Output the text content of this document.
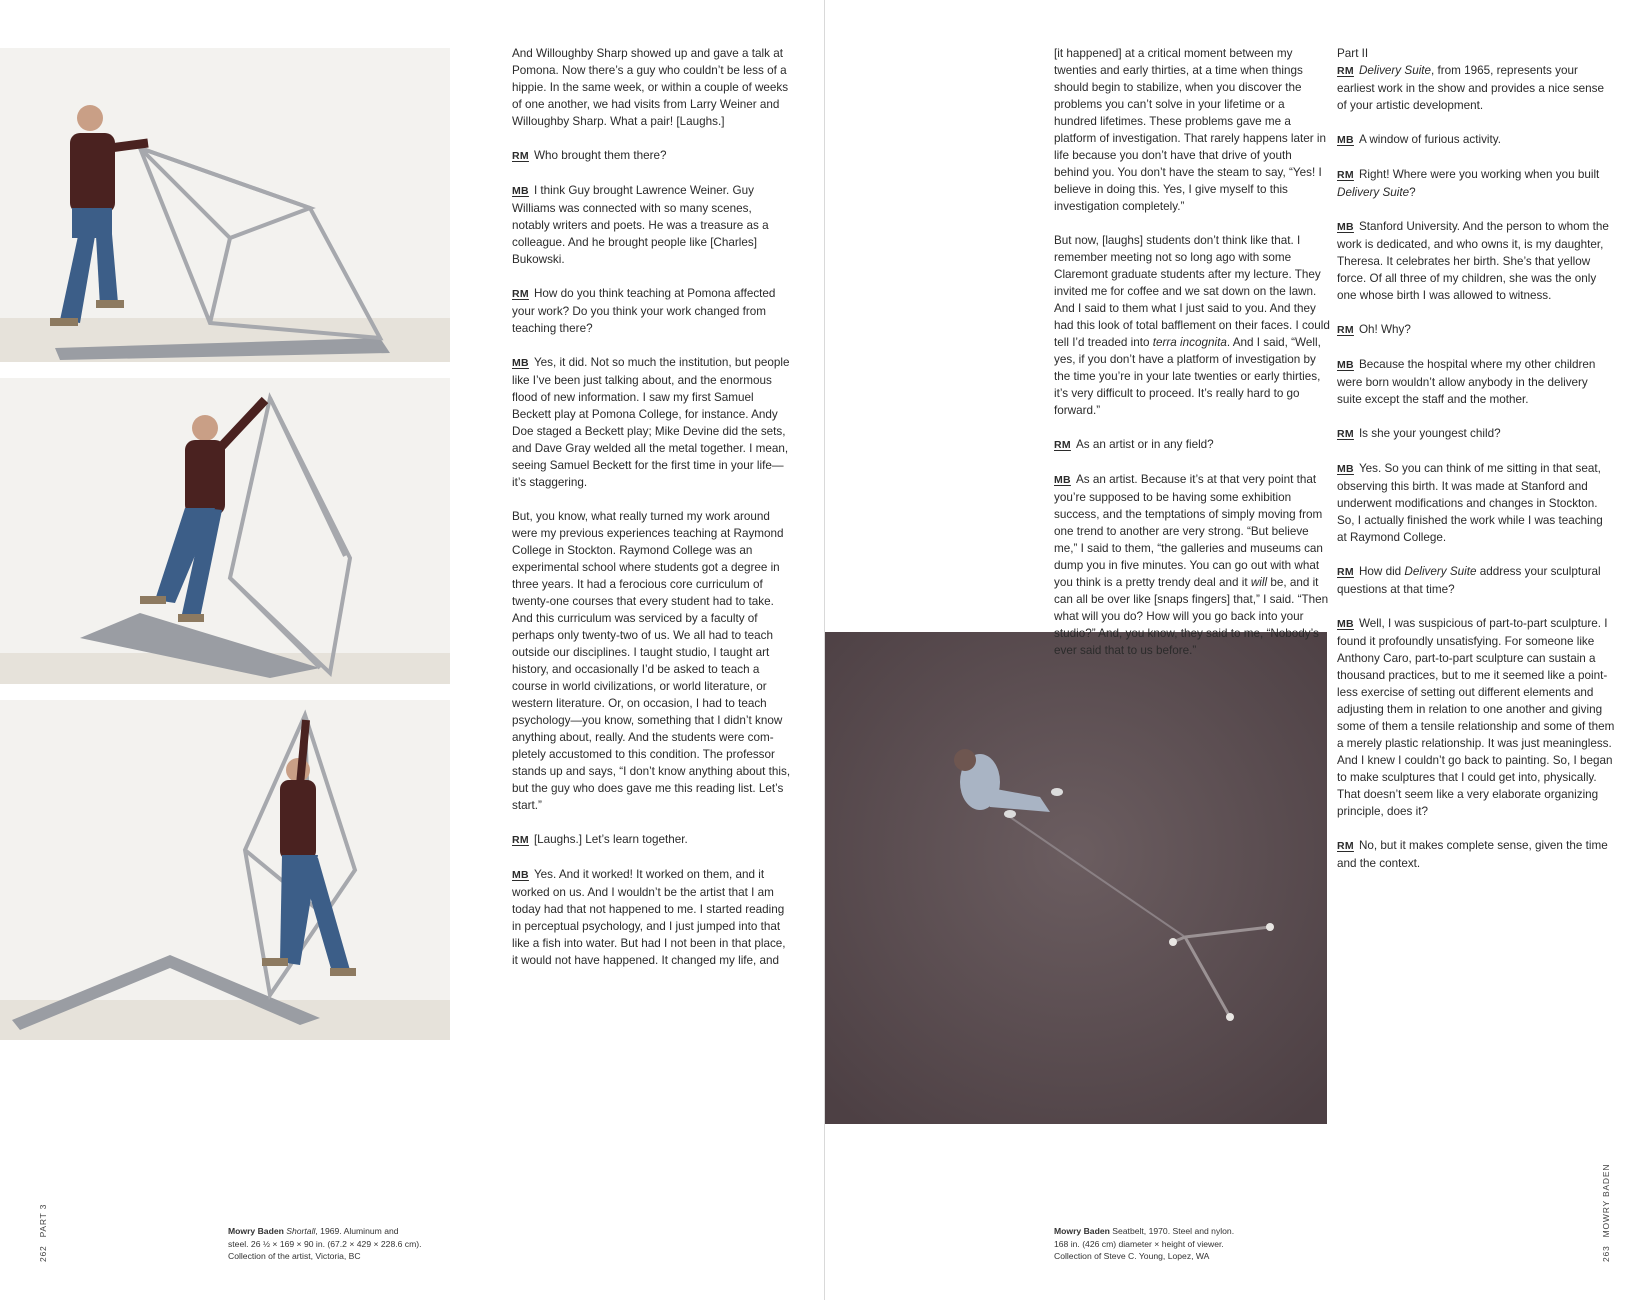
And Willoughby Sharp showed up and gave a talk at Pomona. Now there’s a guy who couldn’t be less of a hippie. In the same week, or within a couple of weeks of one another, we had visits from Larry Weiner and Willoughby Sharp. What a pair! [Laughs.]

RM Who brought them there?

MB I think Guy brought Lawrence Weiner. Guy Williams was connected with so many scenes, notably writers and poets. He was a treasure as a colleague. And he brought people like [Charles] Bukowski.

RM How do you think teaching at Pomona affected your work? Do you think your work changed from teaching there?

MB Yes, it did. Not so much the institution, but people like I’ve been just talking about, and the enormous flood of new information. I saw my first Samuel Beckett play at Pomona College, for instance. Andy Doe staged a Beckett play; Mike Devine did the sets, and Dave Gray welded all the metal together. I mean, seeing Samuel Beckett for the first time in your life—it’s staggering.

But, you know, what really turned my work around were my previous experiences teaching at Raymond College in Stockton. Raymond College was an experimental school where students got a degree in three years. It had a ferocious core curriculum of twenty-one courses that every student had to take. And this curriculum was serviced by a faculty of perhaps only twenty-two of us. We all had to teach outside our disciplines. I taught studio, I taught art history, and occasionally I’d be asked to teach a course in world civilizations, or world literature, or western literature. Or, on occasion, I had to teach psychology—you know, something that I didn’t know anything about, really. And the students were com-pletely accustomed to this condition. The professor stands up and says, “I don’t know anything about this, but the guy who does gave me this reading list. Let’s start.”

RM [Laughs.] Let’s learn together.

MB Yes. And it worked! It worked on them, and it worked on us. And I wouldn’t be the artist that I am today had that not happened to me. I started reading in perceptual psychology, and I just jumped into that like a fish into water. But had I not been in that place, it would not have happened. It changed my life, and

[it happened] at a critical moment between my twenties and early thirties, at a time when things should begin to stabilize, when you discover the problems you can’t solve in your lifetime or a hundred lifetimes. These problems gave me a platform of investigation. That rarely happens later in life because you don’t have that drive of youth behind you. You don’t have the steam to say, “Yes! I believe in doing this. Yes, I give myself to this investigation completely.”

But now, [laughs] students don’t think like that. I remember meeting not so long ago with some Claremont graduate students after my lecture. They invited me for coffee and we sat down on the lawn. And I said to them what I just said to you. And they had this look of total bafflement on their faces. I could tell I’d treaded into terra incognita. And I said, “Well, yes, if you don’t have a platform of investigation by the time you’re in your late twenties or early thirties, it’s very difficult to proceed. It’s really hard to go forward.”

RM As an artist or in any field?

MB As an artist. Because it’s at that very point that you’re supposed to be having some exhibition success, and the temptations of simply moving from one trend to another are very strong. “But believe me,” I said to them, “the galleries and museums can dump you in five minutes. You can go out with what you think is a pretty trendy deal and it will be, and it can all be over like [snaps fingers] that,” I said. “Then what will you do? How will you go back into your studio?” And, you know, they said to me, “Nobody’s ever said that to us before.”

Part II

RM Delivery Suite, from 1965, represents your earliest work in the show and provides a nice sense of your artistic development.

MB A window of furious activity.

RM Right! Where were you working when you built Delivery Suite?

MB Stanford University. And the person to whom the work is dedicated, and who owns it, is my daughter, Theresa. It celebrates her birth. She’s that yellow force. Of all three of my children, she was the only one whose birth I was allowed to witness.

RM Oh! Why?

MB Because the hospital where my other children were born wouldn’t allow anybody in the delivery suite except the staff and the mother.

RM Is she your youngest child?

MB Yes. So you can think of me sitting in that seat, observing this birth. It was made at Stanford and underwent modifications and changes in Stockton. So, I actually finished the work while I was teaching at Raymond College.

RM How did Delivery Suite address your sculptural questions at that time?

MB Well, I was suspicious of part-to-part sculpture. I found it profoundly unsatisfying. For someone like Anthony Caro, part-to-part sculpture can sustain a thousand practices, but to me it seemed like a point-less exercise of setting out different elements and adjusting them in relation to one another and giving some of them a tensile relationship and some of them a merely plastic relationship. It was just meaningless. And I knew I couldn’t go back to painting. So, I began to make sculptures that I could get into, physically. That doesn’t seem like a very elaborate organizing principle, does it?

RM No, but it makes complete sense, given the time and the context.

Mowry Baden Shortall, 1969. Aluminum and
steel. 26 ½ × 169 × 90 in. (67.2 × 429 × 228.6 cm).
Collection of the artist, Victoria, BC
Mowry Baden Seatbelt, 1970. Steel and nylon.
168 in. (426 cm) diameter × height of viewer.
Collection of Steve C. Young, Lopez, WA
262PART 3
263MOWRY BADEN
